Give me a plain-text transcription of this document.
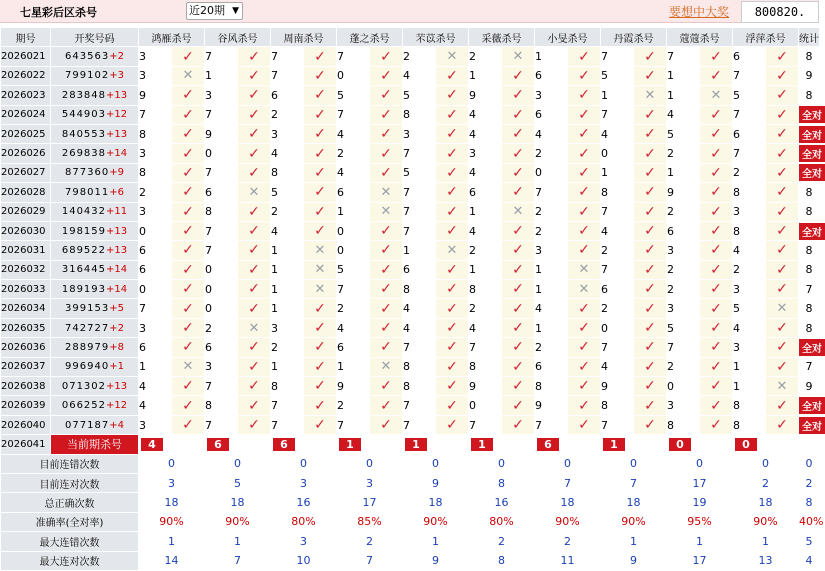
七星彩后区杀号	近20期 ▼	要想中大奖	800820.
期号	开奖号码	鸿雁杀号		谷风杀号		周南杀号		蓬之杀号		芣苡杀号		采薇杀号		小旻杀号		丹霞杀号		蔻蔻杀号		浮萍杀号		统计
2026021	643563+2	3	✓	7	✓	7	✓	7	✓	2	✕	2	✕	1	✓	7	✓	7	✓	6	✓	8
2026022	799102+3	3	✕	1	✓	7	✓	0	✓	4	✓	1	✓	6	✓	5	✓	1	✓	7	✓	9
2026023	283848+13	9	✓	3	✓	6	✓	5	✓	5	✓	9	✓	3	✓	1	✕	1	✕	5	✓	8
2026024	544903+12	7	✓	7	✓	2	✓	7	✓	8	✓	4	✓	6	✓	7	✓	4	✓	7	✓	全对
2026025	840553+13	8	✓	9	✓	3	✓	4	✓	3	✓	4	✓	4	✓	4	✓	5	✓	6	✓	全对
2026026	269838+14	3	✓	0	✓	4	✓	2	✓	7	✓	3	✓	2	✓	0	✓	2	✓	7	✓	全对
2026027	877360+9	8	✓	7	✓	8	✓	4	✓	5	✓	4	✓	0	✓	1	✓	1	✓	2	✓	全对
2026028	798011+6	2	✓	6	✕	5	✓	6	✕	7	✓	6	✓	7	✓	8	✓	9	✓	8	✓	8
2026029	140432+11	3	✓	8	✓	2	✓	1	✕	7	✓	1	✕	2	✓	7	✓	2	✓	3	✓	8
2026030	198159+13	0	✓	7	✓	4	✓	0	✓	7	✓	4	✓	2	✓	4	✓	6	✓	8	✓	全对
2026031	689522+13	6	✓	7	✓	1	✕	0	✓	1	✕	2	✓	3	✓	2	✓	3	✓	4	✓	8
2026032	316445+14	6	✓	0	✓	1	✕	5	✓	6	✓	1	✓	1	✕	7	✓	2	✓	2	✓	8
2026033	189193+14	0	✓	0	✓	1	✕	7	✓	8	✓	8	✓	1	✕	6	✓	2	✓	3	✓	7
2026034	399153+5	7	✓	0	✓	1	✓	2	✓	4	✓	2	✓	4	✓	2	✓	3	✓	5	✕	8
2026035	742727+2	3	✓	2	✕	3	✓	4	✓	4	✓	4	✓	1	✓	0	✓	5	✓	4	✓	8
2026036	288979+8	6	✓	6	✓	2	✓	6	✓	7	✓	7	✓	2	✓	7	✓	7	✓	3	✓	全对
2026037	996940+1	1	✕	3	✓	1	✓	1	✕	8	✓	8	✓	6	✓	4	✓	2	✓	1	✓	7
2026038	071302+13	4	✓	7	✓	8	✓	9	✓	8	✓	9	✓	8	✓	9	✓	0	✓	1	✕	9
2026039	066252+12	4	✓	8	✓	7	✓	2	✓	7	✓	0	✓	9	✓	8	✓	3	✓	8	✓	全对
2026040	077187+4	3	✓	7	✓	7	✓	7	✓	7	✓	7	✓	7	✓	7	✓	8	✓	8	✓	全对
2026041	当前期杀号	4		6		6		1		1		1		6		1		0		0		
目前连错次数		0		0		0		0		0		0		0		0		0		0		0
目前连对次数		3		5		3		3		9		8		7		7		17		2		2
总正确次数		18		18		16		17		18		16		18		18		19		18		8
准确率(全对率)		90%		90%		80%		85%		90%		80%		90%		90%		95%		90%		40%
最大连错次数		1		1		3		2		1		2		2		1		1		1		5
最大连对次数		14		7		10		7		9		8		11		9		17		13		4
